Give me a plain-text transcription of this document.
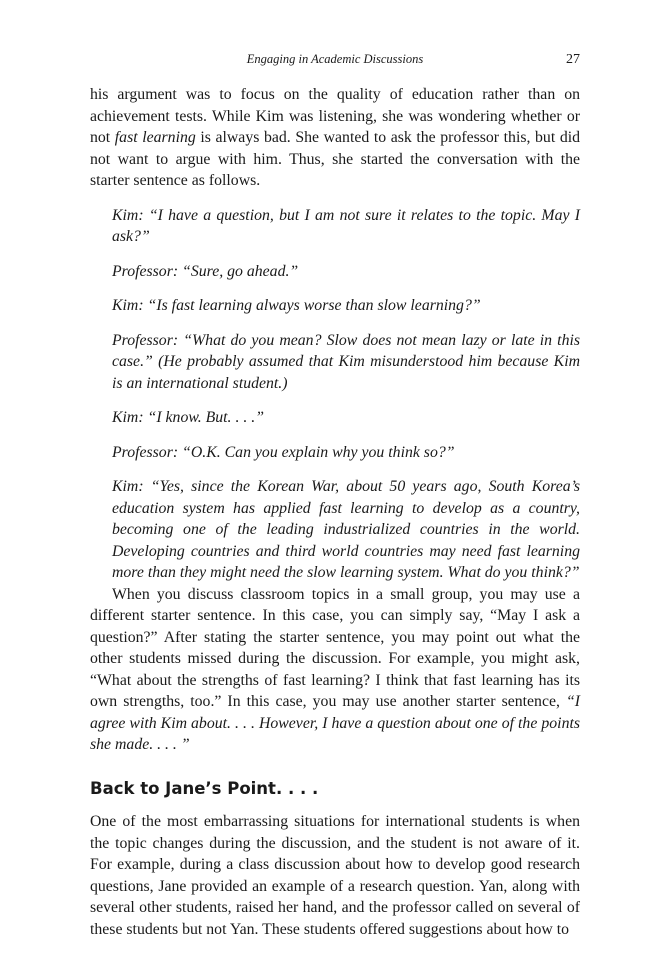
Engaging in Academic Discussions	27

his argument was to focus on the quality of education rather than on achievement tests. While Kim was listening, she was wondering whether or not fast learning is always bad. She wanted to ask the professor this, but did not want to argue with him. Thus, she started the conversation with the starter sentence as follows.

Kim: “I have a question, but I am not sure it relates to the topic. May I ask?”

Professor: “Sure, go ahead.”

Kim: “Is fast learning always worse than slow learning?”

Professor: “What do you mean? Slow does not mean lazy or late in this case.” (He probably assumed that Kim misunderstood him because Kim is an international student.)

Kim: “I know. But. . . .”

Professor: “O.K. Can you explain why you think so?”

Kim: “Yes, since the Korean War, about 50 years ago, South Korea’s education system has applied fast learning to develop as a country, becoming one of the leading industrialized countries in the world. Developing countries and third world countries may need fast learning more than they might need the slow learning system. What do you think?”

When you discuss classroom topics in a small group, you may use a different starter sentence. In this case, you can simply say, “May I ask a question?” After stating the starter sentence, you may point out what the other students missed during the discussion. For example, you might ask, “What about the strengths of fast learning? I think that fast learning has its own strengths, too.” In this case, you may use another starter sentence, “I agree with Kim about. . . . However, I have a question about one of the points she made. . . . ”

Back to Jane’s Point. . . .

One of the most embarrassing situations for international students is when the topic changes during the discussion, and the student is not aware of it. For example, during a class discussion about how to develop good research questions, Jane provided an example of a research question. Yan, along with several other students, raised her hand, and the professor called on several of these students but not Yan. These students offered suggestions about how to
